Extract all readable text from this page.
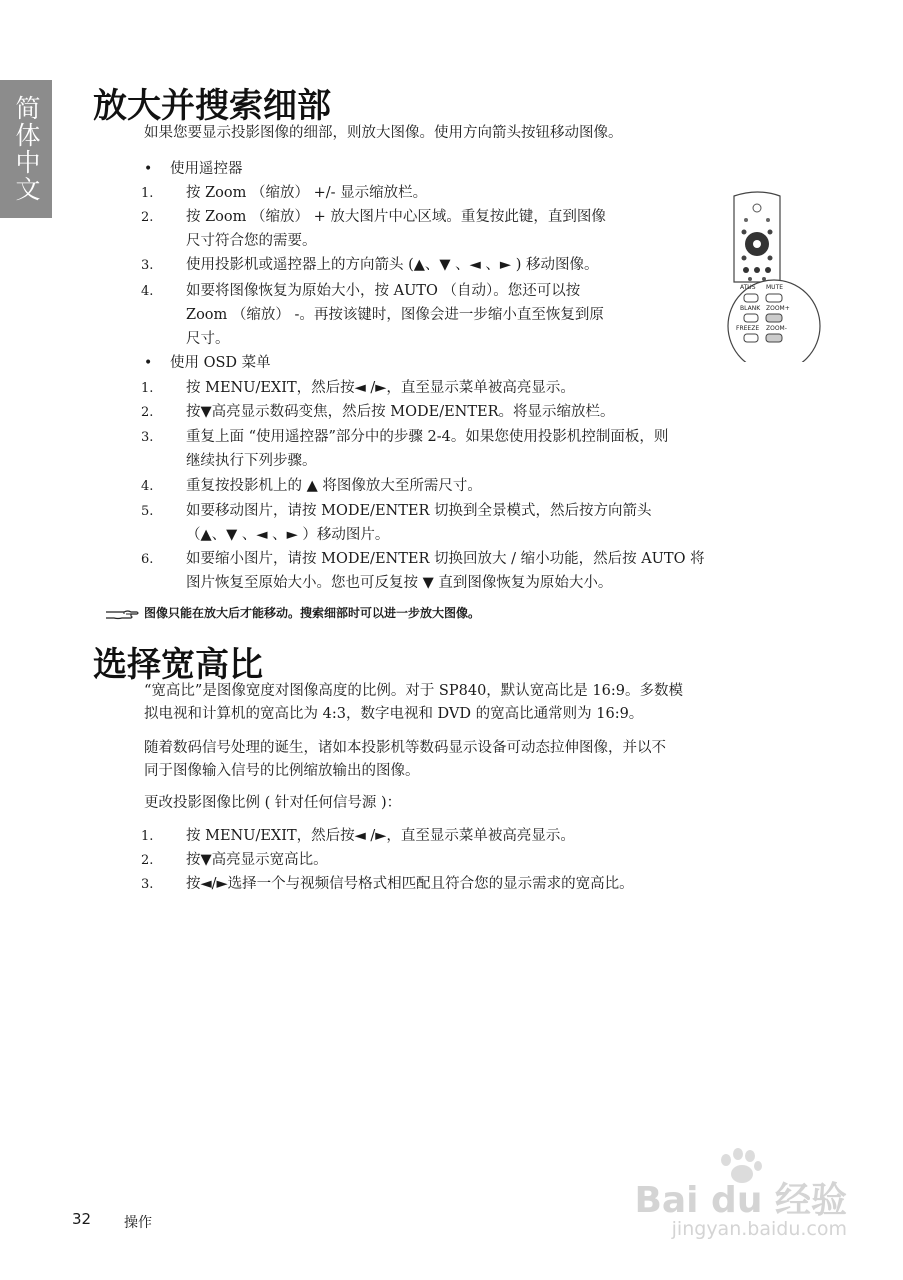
简体中文	放大并搜索细部

如果您要显示投影图像的细部，则放大图像。使用方向箭头按钮移动图像。

• 使用遥控器
1. 按 Zoom （缩放） +/- 显示缩放栏。
2. 按 Zoom （缩放） + 放大图片中心区域。重复按此键，直到图像
尺寸符合您的需要。
3. 使用投影机或遥控器上的方向箭头 (▲、▼ 、◄ 、► ) 移动图像。
4. 如要将图像恢复为原始大小，按 AUTO （自动）。您还可以按
Zoom （缩放） -。再按该键时，图像会进一步缩小直至恢复到原
尺寸。
ATUS MUTE
BLANK ZOOM+
FREEZE ZOOM-
• 使用 OSD 菜单
1. 按 MENU/EXIT，然后按◄ /►，直至显示菜单被高亮显示。
2. 按▼高亮显示数码变焦，然后按 MODE/ENTER。将显示缩放栏。
3. 重复上面 “使用遥控器”部分中的步骤 2-4。如果您使用投影机控制面板，则
继续执行下列步骤。
4. 重复按投影机上的 ▲ 将图像放大至所需尺寸。
5. 如要移动图片，请按 MODE/ENTER 切换到全景模式，然后按方向箭头
（▲、▼ 、◄ 、► ）移动图片。
6. 如要缩小图片，请按 MODE/ENTER 切换回放大 / 缩小功能，然后按 AUTO 将
图片恢复至原始大小。您也可反复按 ▼ 直到图像恢复为原始大小。
图像只能在放大后才能移动。搜索细部时可以进一步放大图像。
选择宽高比
“宽高比”是图像宽度对图像高度的比例。对于 SP840，默认宽高比是 16:9。多数模
拟电视和计算机的宽高比为 4:3，数字电视和 DVD 的宽高比通常则为 16:9。
随着数码信号处理的诞生，诸如本投影机等数码显示设备可动态拉伸图像，并以不
同于图像输入信号的比例缩放输出的图像。
更改投影图像比例 ( 针对任何信号源 )：
1. 按 MENU/EXIT，然后按◄ /►，直至显示菜单被高亮显示。
2. 按▼高亮显示宽高比。
3. 按◄/►选择一个与视频信号格式相匹配且符合您的显示需求的宽高比。
32 操作
Bai du 经验
jingyan.baidu.com
